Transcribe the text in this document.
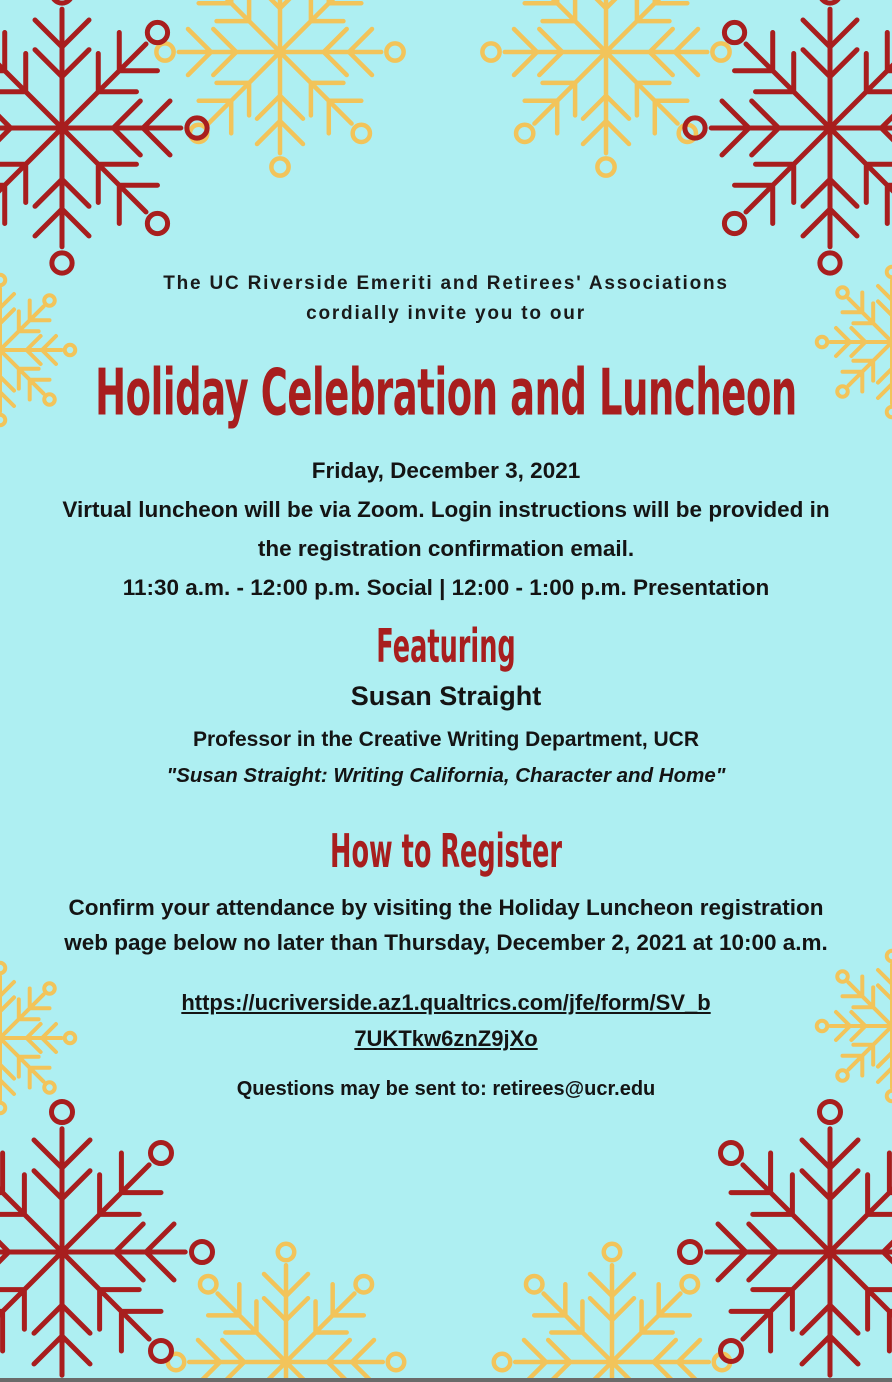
The UC Riverside Emeriti and Retirees' Associations

cordially invite you to our

Holiday Celebration and Luncheon

Friday, December 3, 2021

Virtual luncheon will be via Zoom. Login instructions will be provided in

the registration confirmation email.

11:30 a.m. - 12:00 p.m. Social | 12:00 - 1:00 p.m. Presentation

Featuring

Susan Straight

Professor in the Creative Writing Department, UCR

"Susan Straight: Writing California, Character and Home"

How to Register

Confirm your attendance by visiting the Holiday Luncheon registration

web page below no later than Thursday, December 2, 2021 at 10:00 a.m.

https://ucriverside.az1.qualtrics.com/jfe/form/SV_b

7UKTkw6znZ9jXo

Questions may be sent to: retirees@ucr.edu
